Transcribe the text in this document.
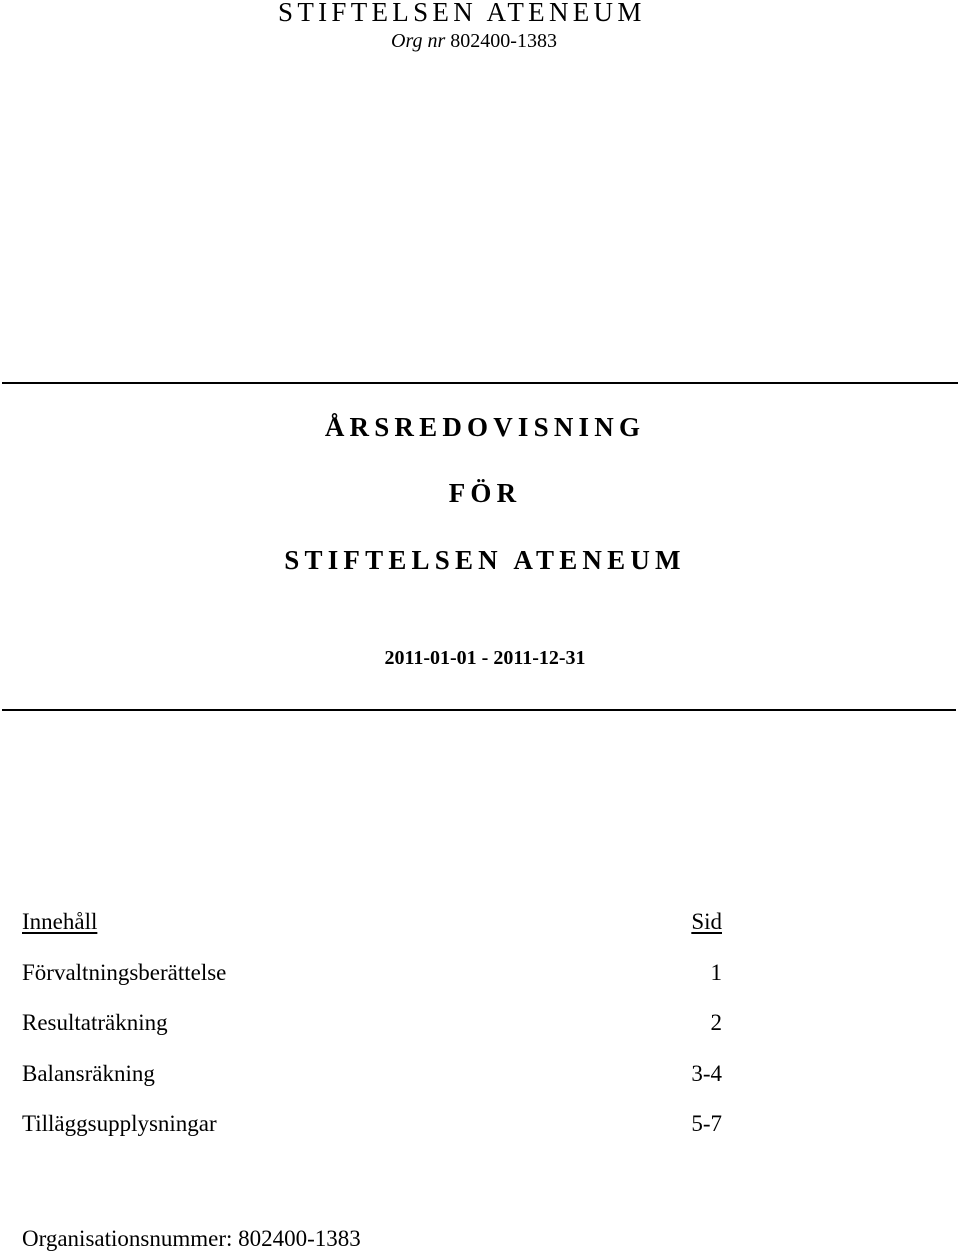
STIFTELSEN ATENEUM
Org nr 802400-1383
ÅRSREDOVISNING
FÖR
STIFTELSEN ATENEUM
2011-01-01 - 2011-12-31
Innehåll	Sid
Förvaltningsberättelse	1
Resultaträkning	2
Balansräkning	3-4
Tilläggsupplysningar	5-7
Organisationsnummer: 802400-1383
